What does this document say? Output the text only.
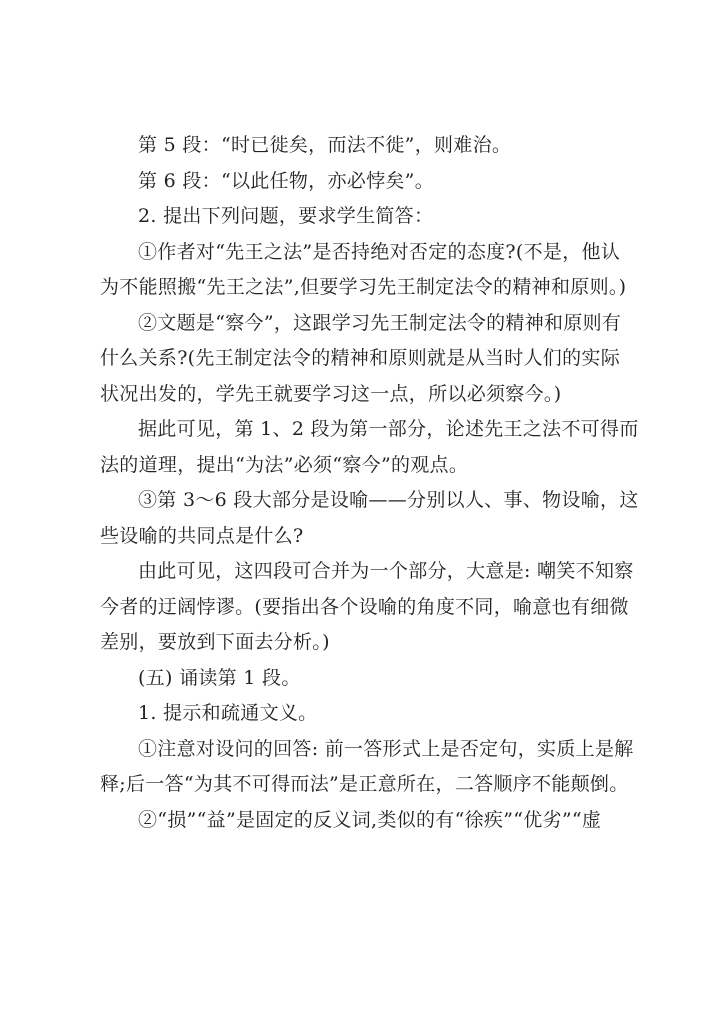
第 5 段：“时已徙矣，而法不徙”，则难治。

第 6 段：“以此任物，亦必悖矣”。

2. 提出下列问题，要求学生简答：

①作者对“先王之法”是否持绝对否定的态度?(不是，他认
为不能照搬“先王之法”,但要学习先王制定法令的精神和原则。)

②文题是“察今”，这跟学习先王制定法令的精神和原则有
什么关系?(先王制定法令的精神和原则就是从当时人们的实际
状况出发的，学先王就要学习这一点，所以必须察今。)

据此可见，第 1、2 段为第一部分，论述先王之法不可得而
法的道理，提出“为法”必须“察今”的观点。

③第 3～6 段大部分是设喻——分别以人、事、物设喻，这
些设喻的共同点是什么?

由此可见，这四段可合并为一个部分，大意是: 嘲笑不知察
今者的迂阔悖谬。(要指出各个设喻的角度不同，喻意也有细微
差别，要放到下面去分析。)

(五) 诵读第 1 段。

1. 提示和疏通文义。

①注意对设问的回答: 前一答形式上是否定句，实质上是解
释;后一答“为其不可得而法”是正意所在，二答顺序不能颠倒。

②“损”“益”是固定的反义词,类似的有“徐疾”“优劣”“虚
